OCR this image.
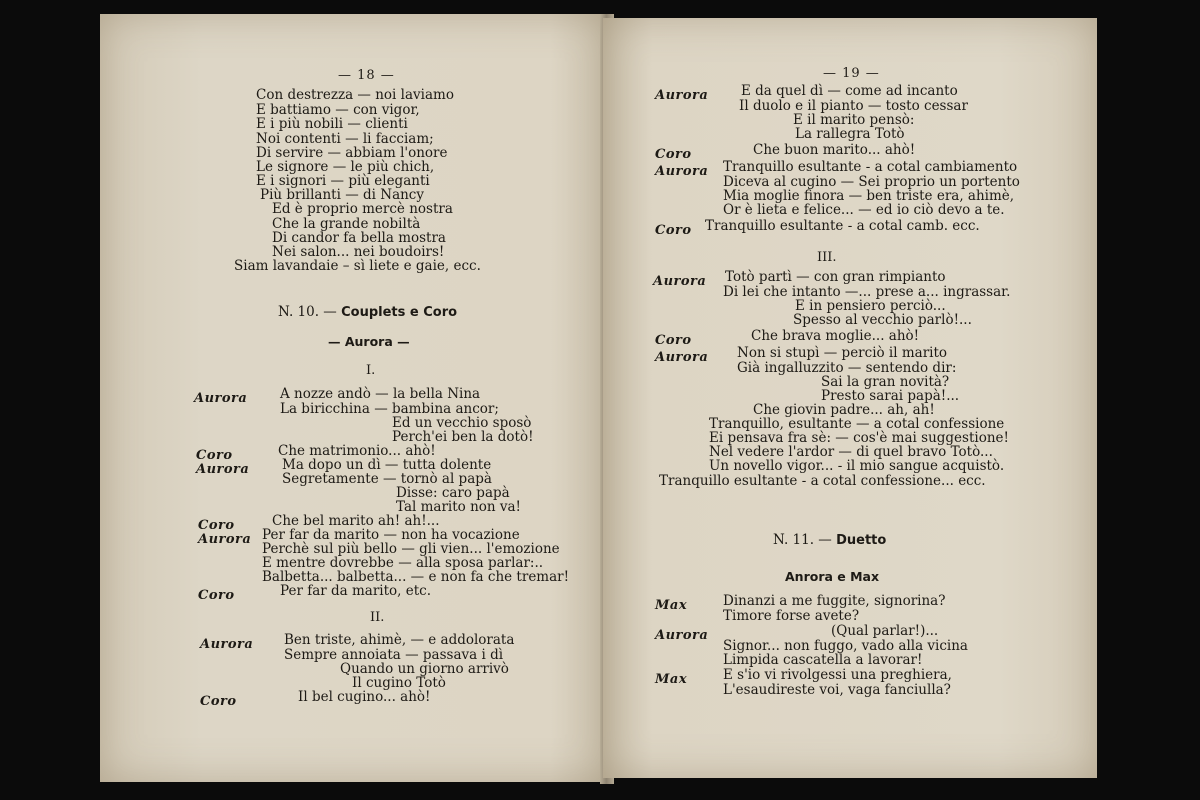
— 18 —
Con destrezza — noi laviamo
E battiamo — con vigor,
E i più nobili — clienti
Noi contenti — li facciam;
Di servire — abbiam l'onore
Le signore — le più chich,
E i signori — più eleganti
Più brillanti — di Nancy
Ed è proprio mercè nostra
Che la grande nobiltà
Di candor fa bella mostra
Nei salon... nei boudoirs!
Siam lavandaie – sì liete e gaie, ecc.
N. 10. — Couplets e Coro
— Aurora —
I.
Aurora A nozze andò — la bella Nina
La biricchina — bambina ancor;
Ed un vecchio sposò
Perch'ei ben la dotò!
Coro	Che matrimonio... ahò!
Aurora Ma dopo un dì — tutta dolente
Segretamente — tornò al papà
Disse: caro papà
Tal marito non va!
Coro	Che bel marito ah! ah!...
Aurora Per far da marito — non ha vocazione
Perchè sul più bello — gli vien... l'emozione
E mentre dovrebbe — alla sposa parlar:..
Balbetta... balbetta... — e non fa che tremar!
Coro	Per far da marito, etc.
II.
Aurora Ben triste, ahimè, — e addolorata
Sempre annoiata — passava i dì
Quando un giorno arrivò
Il cugino Totò
Coro	Il bel cugino... ahò!
— 19 —
Aurora E da quel dì — come ad incanto
Il duolo e il pianto — tosto cessar
E il marito pensò:
La rallegra Totò
Coro	Che buon marito... ahò!
Aurora Tranquillo esultante - a cotal cambiamento
Diceva al cugino — Sei proprio un portento
Mia moglie finora — ben triste era, ahimè,
Or è lieta e felice... — ed io ciò devo a te.
Coro Tranquillo esultante - a cotal camb. ecc.
III.
Aurora Totò partì — con gran rimpianto
Di lei che intanto —... prese a... ingrassar.
E in pensiero perciò...
Spesso al vecchio parlò!...
Coro	Che brava moglie... ahò!
Aurora Non si stupì — perciò il marito
Già ingalluzzito — sentendo dir:
Sai la gran novità?
Presto sarai papà!...
Che giovin padre... ah, ah!
Tranquillo, esultante — a cotal confessione
Ei pensava fra sè: — cos'è mai suggestione!
Nel vedere l'ardor — di quel bravo Totò...
Un novello vigor... - il mio sangue acquistò.
Tranquillo esultante - a cotal confessione... ecc.
N. 11. — Duetto
Anrora e Max
Max	Dinanzi a me fuggite, signorina?
Timore forse avete?
Aurora	(Qual parlar!)...
Signor... non fuggo, vado alla vicina
Limpida cascatella a lavorar!
Max	E s'io vi rivolgessi una preghiera,
L'esaudireste voi, vaga fanciulla?
